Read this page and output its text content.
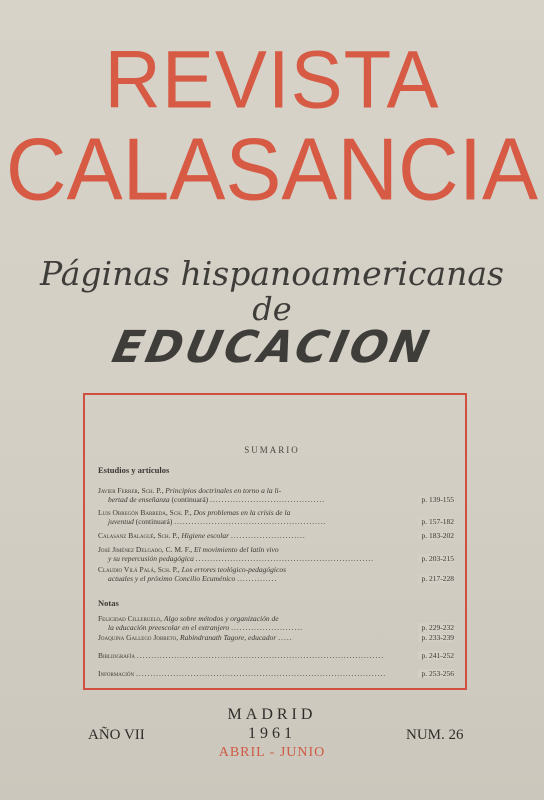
REVISTA
CALASANCIA
Páginas hispanoamericanas
de
EDUCACION
SUMARIO
Estudios y artículos
Javier Ferrer, Sch. P., Principios doctrinales en torno a la li-
bertad de enseñanza (continuará) ........................................	p. 139-155
Luis Obregón Barreda, Sch. P., Dos problemas en la crisis de la
juventud (continuará) .....................................................	p. 157-182
Calasanz Balagué, Sch. P., Higiene escolar ..........................	p. 183-202
José Jiménez Delgado, C. M. F., El movimiento del latín vivo
y su repercusión pedagógica ..............................................................	p. 203-215
Claudio Vilá Palá, Sch. P., Los errores teológico-pedagógicos
actuales y el próximo Concilio Ecuménico ..............	p. 217-228
Notas
Felicidad Cilleruelo, Algo sobre métodos y organización de
la educación preescolar en el extranjero .........................	p. 229-232
Joaquina Gallego Jorreto, Rabindranath Tagore, educador .....	p. 233-239
Bibliografía ......................................................................................	p. 241-252
Información .......................................................................................	p. 253-256
MADRID
1961
ABRIL - JUNIO
AÑO VII	NUM. 26
